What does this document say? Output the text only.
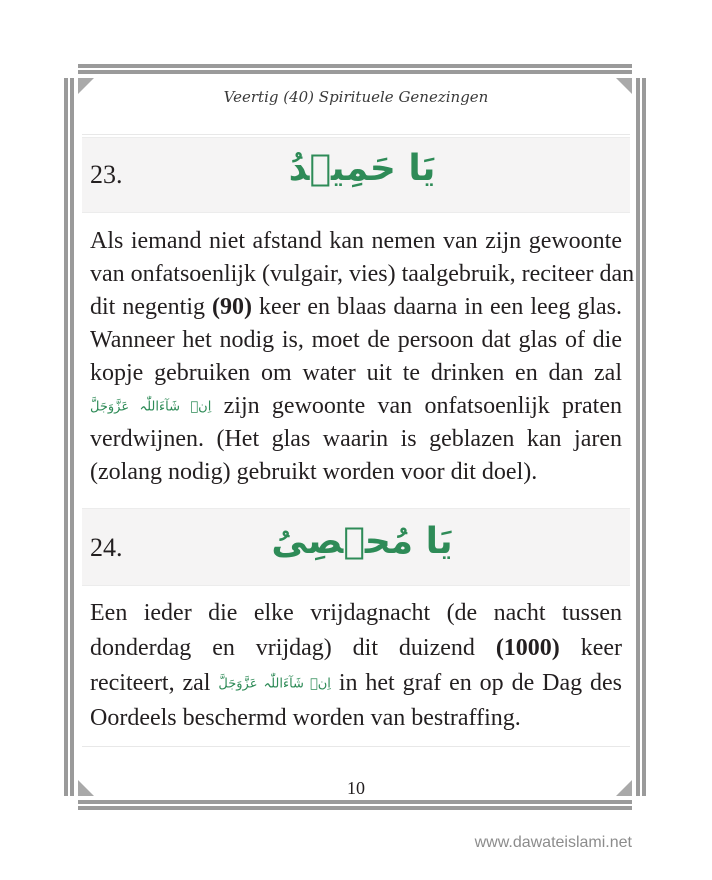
Veertig (40) Spirituele Genezingen
23.	يَا حَمِيۡدُ
Als iemand niet afstand kan nemen van zijn gewoonte
van onfatsoenlijk (vulgair, vies) taalgebruik, reciteer dan
dit negentig (90) keer en blaas daarna in een leeg glas.
Wanneer het nodig is, moet de persoon dat glas of die
kopje gebruiken om water uit te drinken en dan zal
اِنۡ شَآءَاللّٰہ عَزَّوَجَلَّ zijn gewoonte van onfatsoenlijk praten
verdwijnen. (Het glas waarin is geblazen kan jaren
(zolang nodig) gebruikt worden voor dit doel).
24.	يَا مُحۡصِیُ
Een ieder die elke vrijdagnacht (de nacht tussen
donderdag en vrijdag) dit duizend (1000) keer
reciteert, zal اِنۡ شَآءَاللّٰہ عَزَّوَجَلَّ in het graf en op de Dag des
Oordeels beschermd worden van bestraffing.
10
www.dawateislami.net
